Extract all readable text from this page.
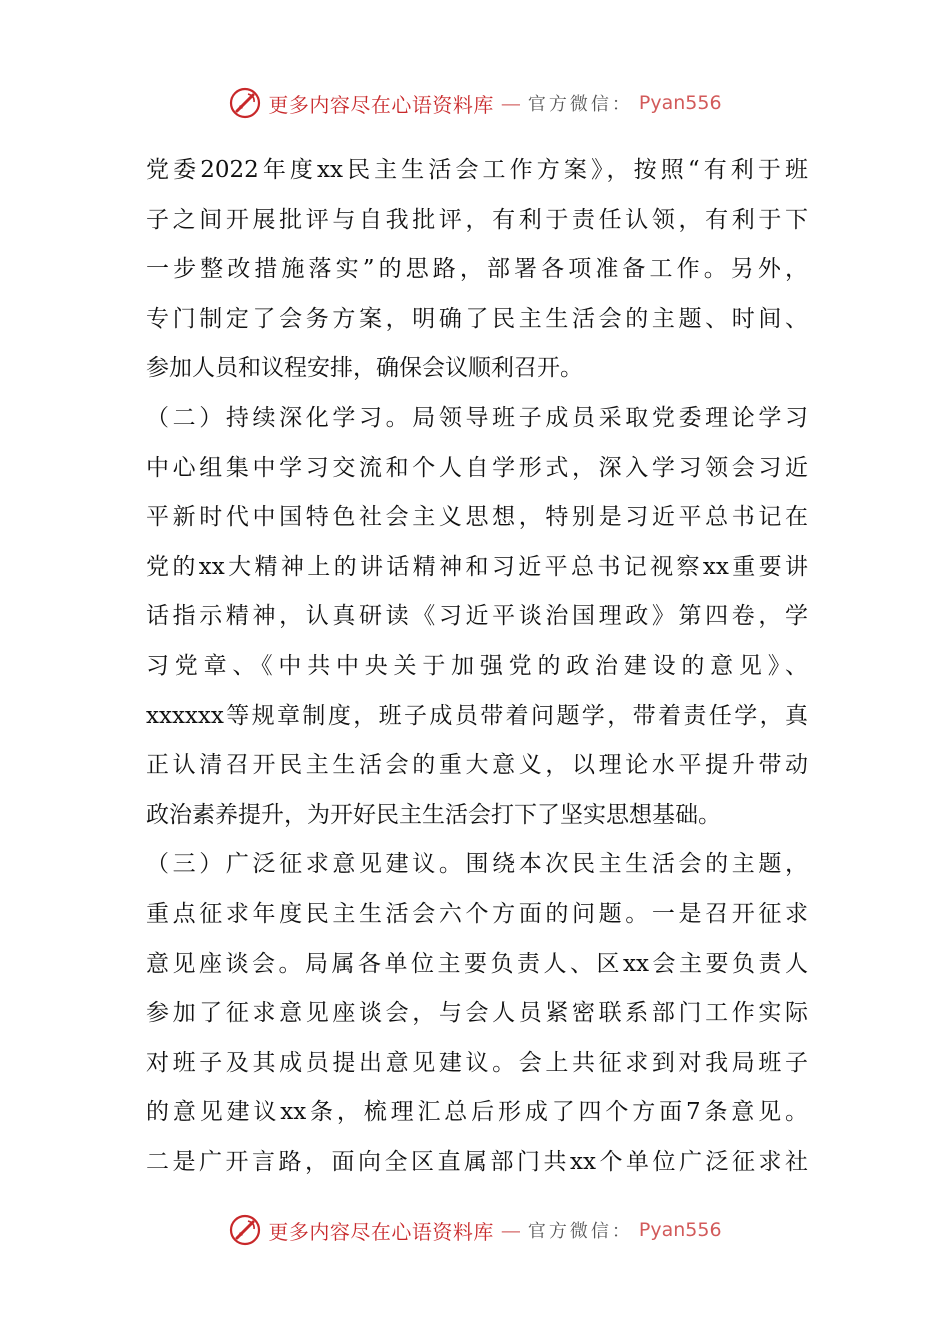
更多内容尽在心语资料库 — 官方微信： Pyan556
党委2022年度xx民主生活会工作方案》，按照“有利于班
子之间开展批评与自我批评，有利于责任认领，有利于下
一步整改措施落实”的思路，部署各项准备工作。另外，
专门制定了会务方案，明确了民主生活会的主题、时间、
参加人员和议程安排，确保会议顺利召开。
（二）持续深化学习。局领导班子成员采取党委理论学习
中心组集中学习交流和个人自学形式，深入学习领会习近
平新时代中国特色社会主义思想，特别是习近平总书记在
党的xx大精神上的讲话精神和习近平总书记视察xx重要讲
话指示精神，认真研读《习近平谈治国理政》第四卷，学
习党章、《中共中央关于加强党的政治建设的意见》、
xxxxxx等规章制度，班子成员带着问题学，带着责任学，真
正认清召开民主生活会的重大意义，以理论水平提升带动
政治素养提升，为开好民主生活会打下了坚实思想基础。
（三）广泛征求意见建议。围绕本次民主生活会的主题，
重点征求年度民主生活会六个方面的问题。一是召开征求
意见座谈会。局属各单位主要负责人、区xx会主要负责人
参加了征求意见座谈会，与会人员紧密联系部门工作实际
对班子及其成员提出意见建议。会上共征求到对我局班子
的意见建议xx条，梳理汇总后形成了四个方面7条意见。
二是广开言路，面向全区直属部门共xx个单位广泛征求社
更多内容尽在心语资料库 — 官方微信： Pyan556
